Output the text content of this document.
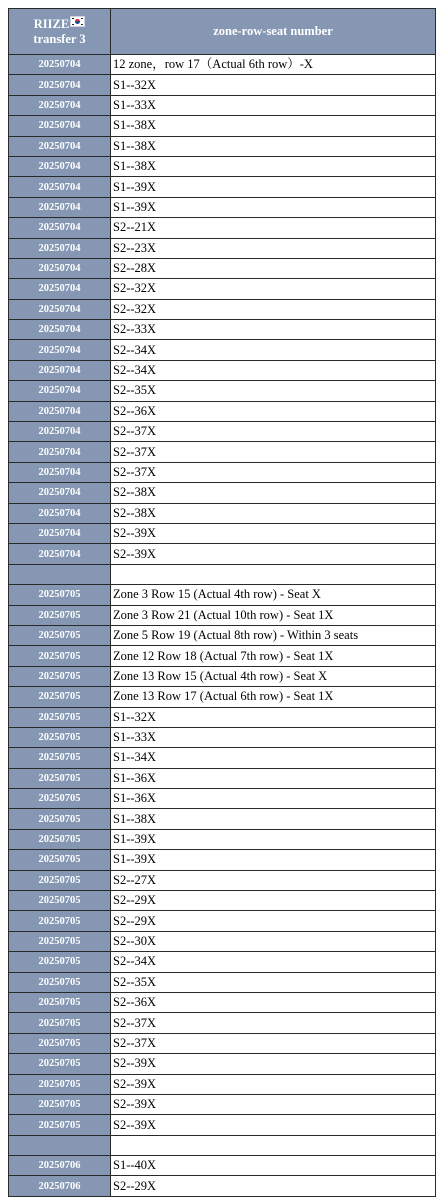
RIIZE
transfer 3	zone-row-seat number
20250704	12 zone，row 17（Actual 6th row）-X
20250704	S1--32X
20250704	S1--33X
20250704	S1--38X
20250704	S1--38X
20250704	S1--38X
20250704	S1--39X
20250704	S1--39X
20250704	S2--21X
20250704	S2--23X
20250704	S2--28X
20250704	S2--32X
20250704	S2--32X
20250704	S2--33X
20250704	S2--34X
20250704	S2--34X
20250704	S2--35X
20250704	S2--36X
20250704	S2--37X
20250704	S2--37X
20250704	S2--37X
20250704	S2--38X
20250704	S2--38X
20250704	S2--39X
20250704	S2--39X

20250705	Zone 3 Row 15 (Actual 4th row) - Seat X
20250705	Zone 3 Row 21 (Actual 10th row) - Seat 1X
20250705	Zone 5 Row 19 (Actual 8th row) - Within 3 seats
20250705	Zone 12 Row 18 (Actual 7th row) - Seat 1X
20250705	Zone 13 Row 15 (Actual 4th row) - Seat X
20250705	Zone 13 Row 17 (Actual 6th row) - Seat 1X
20250705	S1--32X
20250705	S1--33X
20250705	S1--34X
20250705	S1--36X
20250705	S1--36X
20250705	S1--38X
20250705	S1--39X
20250705	S1--39X
20250705	S2--27X
20250705	S2--29X
20250705	S2--29X
20250705	S2--30X
20250705	S2--34X
20250705	S2--35X
20250705	S2--36X
20250705	S2--37X
20250705	S2--37X
20250705	S2--39X
20250705	S2--39X
20250705	S2--39X
20250705	S2--39X

20250706	S1--40X
20250706	S2--29X
